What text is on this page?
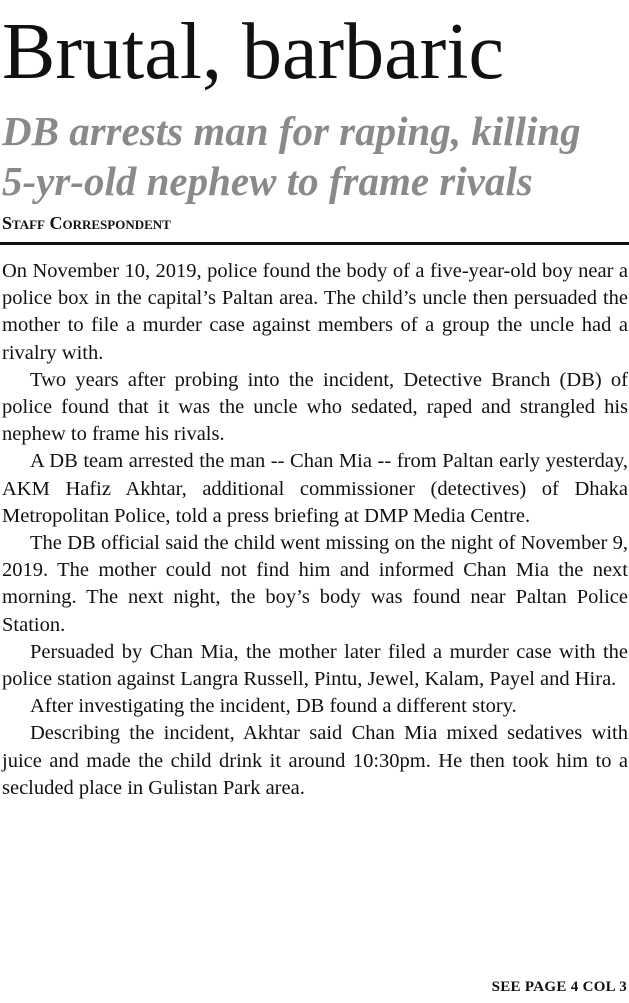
Brutal, barbaric
DB arrests man for raping, killing
5-yr-old nephew to frame rivals
Staff Correspondent

On November 10, 2019, police found the body of a five-year-old boy near a police box in the capital’s Paltan area. The child’s uncle then persuaded the mother to file a murder case against members of a group the uncle had a rivalry with.

Two years after probing into the incident, Detective Branch (DB) of police found that it was the uncle who sedated, raped and strangled his nephew to frame his rivals.

A DB team arrested the man -- Chan Mia -- from Paltan early yesterday, AKM Hafiz Akhtar, additional commissioner (detectives) of Dhaka Metropolitan Police, told a press briefing at DMP Media Centre.

The DB official said the child went missing on the night of November 9, 2019. The mother could not find him and informed Chan Mia the next morning. The next night, the boy’s body was found near Paltan Police Station.

Persuaded by Chan Mia, the mother later filed a murder case with the police station against Langra Russell, Pintu, Jewel, Kalam, Payel and Hira.

After investigating the incident, DB found a different story.

Describing the incident, Akhtar said Chan Mia mixed sedatives with juice and made the child drink it around 10:30pm. He then took him to a secluded place in Gulistan Park area.

SEE PAGE 4 COL 3
